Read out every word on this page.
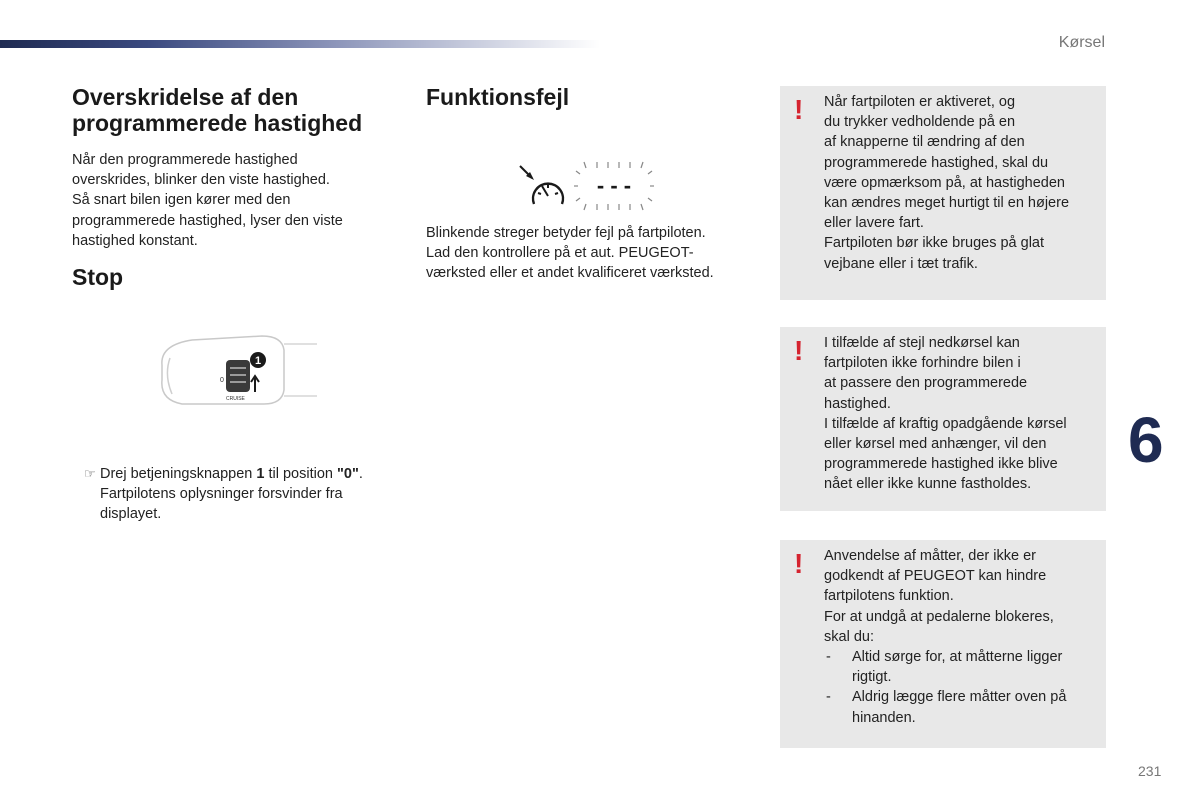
Kørsel
6
231
Overskridelse af den
programmerede hastighed
Når den programmerede hastighed
overskrides, blinker den viste hastighed.
Så snart bilen igen kører med den
programmerede hastighed, lyser den viste
hastighed konstant.
Stop
0
CRUISE
1
☞ Drej betjeningsknappen 1 til position "0".
Fartpilotens oplysninger forsvinder fra
displayet.
Funktionsfejl
- - -
Blinkende streger betyder fejl på fartpiloten.
Lad den kontrollere på et aut. PEUGEOT-
værksted eller et andet kvalificeret værksted.
! Når fartpiloten er aktiveret, og
du trykker vedholdende på en
af knapperne til ændring af den
programmerede hastighed, skal du
være opmærksom på, at hastigheden
kan ændres meget hurtigt til en højere
eller lavere fart.
Fartpiloten bør ikke bruges på glat
vejbane eller i tæt trafik.
! I tilfælde af stejl nedkørsel kan
fartpiloten ikke forhindre bilen i
at passere den programmerede
hastighed.
I tilfælde af kraftig opadgående kørsel
eller kørsel med anhænger, vil den
programmerede hastighed ikke blive
nået eller ikke kunne fastholdes.
! Anvendelse af måtter, der ikke er
godkendt af PEUGEOT kan hindre
fartpilotens funktion.
For at undgå at pedalerne blokeres,
skal du:
- Altid sørge for, at måtterne ligger
rigtigt.
- Aldrig lægge flere måtter oven på
hinanden.
